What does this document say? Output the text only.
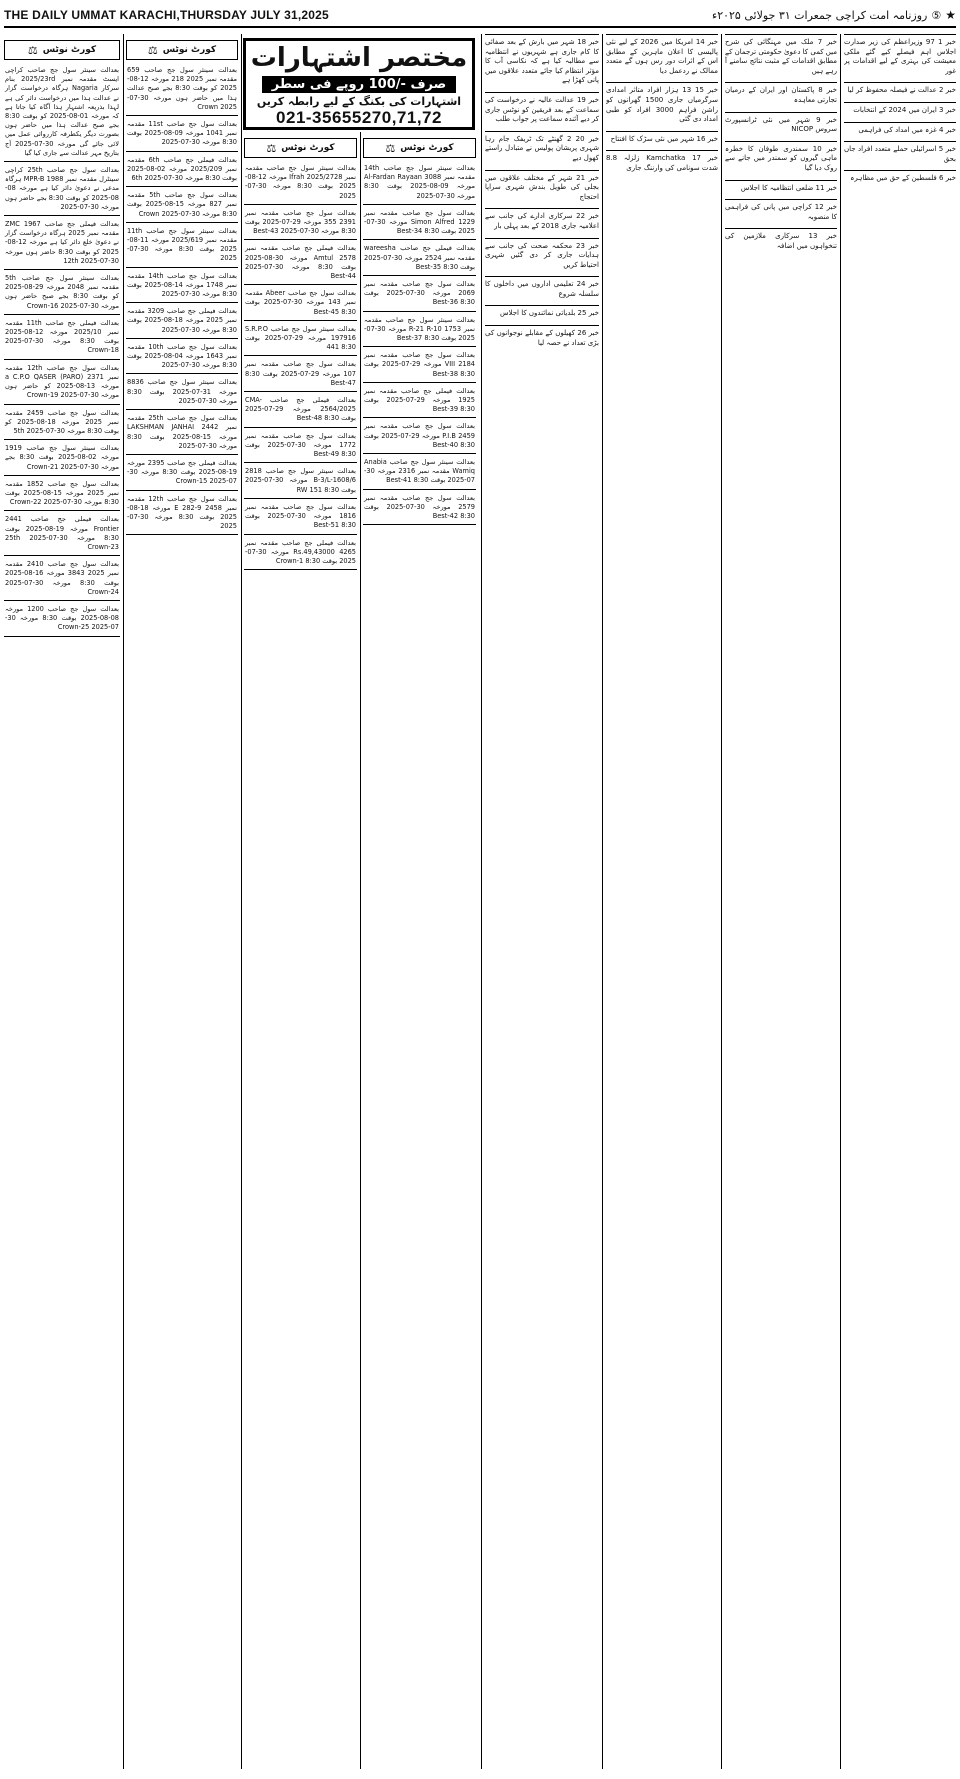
THE DAILY UMMAT KARACHI,THURSDAY JULY 31,2025	روزنامہ امت کراچی جمعرات ۳۱ جولائی ۲۰۲۵ء ⑤ ★
⚖ کورٹ نوٹس
بعدالت سینئر سول جج صاحب کراچی ایسٹ مقدمہ نمبر 2025/23rd بنام سرکار Nagaria ہرگاہ درخواست گزار نے عدالت ہذا میں درخواست دائر کی ہے لہذا بذریعہ اشتہار ہذا آگاہ کیا جاتا ہے کہ مورخہ 01-08-2025 کو بوقت 8:30 بجے صبح عدالت ہذا میں حاضر ہوں بصورت دیگر یکطرفہ کارروائی عمل میں لائی جائے گی مورخہ 30-07-2025 آج بتاریخ مہر عدالت سے جاری کیا گیا
بعدالت سول جج صاحب 25th کراچی سینٹرل مقدمہ نمبر 1988 MPR-B ہرگاہ مدعی نے دعویٰ دائر کیا ہے مورخہ 08-08-2025 کو بوقت 8:30 بجے حاضر ہوں مورخہ 30-07-2025
بعدالت فیملی جج صاحب 1967 ZMC مقدمہ نمبر 2025 ہرگاہ درخواست گزار نے دعویٰ خلع دائر کیا ہے مورخہ 12-08-2025 کو بوقت 8:30 حاضر ہوں مورخہ 30-07-2025 12th
بعدالت سینئر سول جج صاحب 5th مقدمہ نمبر 2048 مورخہ 29-08-2025 کو بوقت 8:30 بجے صبح حاضر ہوں مورخہ 30-07-2025 Crown-16
بعدالت فیملی جج صاحب 11th مقدمہ نمبر 2025/10 مورخہ 12-08-2025 بوقت 8:30 مورخہ 30-07-2025 Crown-18
بعدالت سول جج صاحب 12th مقدمہ نمبر 2371 a C.P.O QASER (PARO) مورخہ 13-08-2025 کو حاضر ہوں مورخہ 30-07-2025 Crown-19
بعدالت سول جج صاحب 2459 مقدمہ نمبر 2025 مورخہ 18-08-2025 کو بوقت 8:30 مورخہ 30-07-2025 5th
بعدالت سینئر سول جج صاحب 1919 مورخہ 02-08-2025 بوقت 8:30 بجے مورخہ 30-07-2025 Crown-21
بعدالت سول جج صاحب 1852 مقدمہ نمبر 2025 مورخہ 15-08-2025 بوقت 8:30 مورخہ 30-07-2025 Crown-22
بعدالت فیملی جج صاحب 2441 Frontier مورخہ 19-08-2025 بوقت 8:30 مورخہ 30-07-2025 25th Crown-23
بعدالت سول جج صاحب 2410 مقدمہ نمبر 2025 3843 مورخہ 16-08-2025 بوقت 8:30 مورخہ 30-07-2025 Crown-24
بعدالت سول جج صاحب 1200 مورخہ 08-08-2025 بوقت 8:30 مورخہ 30-07-2025 Crown-25
⚖ کورٹ نوٹس
بعدالت سینئر سول جج صاحب 659 مقدمہ نمبر 2025 218 مورخہ 12-08-2025 کو بوقت 8:30 بجے صبح عدالت ہذا میں حاضر ہوں مورخہ 30-07-2025 Crown
بعدالت سول جج صاحب 11st مقدمہ نمبر 1041 مورخہ 09-08-2025 بوقت 8:30 مورخہ 30-07-2025
بعدالت فیملی جج صاحب 6th مقدمہ نمبر 2025/209 مورخہ 02-08-2025 بوقت 8:30 مورخہ 30-07-2025 6th
بعدالت سول جج صاحب 5th مقدمہ نمبر 827 مورخہ 15-08-2025 بوقت 8:30 مورخہ 30-07-2025 Crown
بعدالت سینئر سول جج صاحب 11th مقدمہ نمبر 2025/619 مورخہ 11-08-2025 بوقت 8:30 مورخہ 30-07-2025
بعدالت سول جج صاحب 14th مقدمہ نمبر 1748 مورخہ 14-08-2025 بوقت 8:30 مورخہ 30-07-2025
بعدالت فیملی جج صاحب 3209 مقدمہ نمبر 2025 مورخہ 18-08-2025 بوقت 8:30 مورخہ 30-07-2025
بعدالت سول جج صاحب 10th مقدمہ نمبر 1643 مورخہ 04-08-2025 بوقت 8:30 مورخہ 30-07-2025
بعدالت سینئر سول جج صاحب 8836 مورخہ 31-07-2025 بوقت 8:30 مورخہ 30-07-2025
بعدالت سول جج صاحب 25th مقدمہ نمبر 2442 LAKSHMAN JANHAI مورخہ 15-08-2025 بوقت 8:30 مورخہ 30-07-2025
بعدالت فیملی جج صاحب 2395 مورخہ 19-08-2025 بوقت 8:30 مورخہ 30-07-2025 Crown-15
بعدالت سول جج صاحب 12th مقدمہ نمبر 2458 9-E 282 مورخہ 18-08-2025 بوقت 8:30 مورخہ 30-07-2025
مختصر اشتہارات
صرف -/100 روپے فی سطر
اشتہارات کی بکنگ کے لیے رابطہ کریں
021-35655270,71,72
⚖ کورٹ نوٹس
بعدالت سینئر سول جج صاحب مقدمہ نمبر 2025/2728 Ifrah مورخہ 12-08-2025 بوقت 8:30 مورخہ 30-07-2025
بعدالت سول جج صاحب مقدمہ نمبر 2391 355 مورخہ 29-07-2025 بوقت 8:30 مورخہ 30-07-2025 Best-43
بعدالت فیملی جج صاحب مقدمہ نمبر 2578 Amtul مورخہ 30-08-2025 بوقت 8:30 مورخہ 30-07-2025 Best-44
بعدالت سول جج صاحب Abeer مقدمہ نمبر 143 مورخہ 30-07-2025 بوقت 8:30 Best-45
بعدالت سینئر سول جج صاحب S.R.P.O 197916 مورخہ 29-07-2025 بوقت 8:30 441
بعدالت سول جج صاحب مقدمہ نمبر 107 مورخہ 29-07-2025 بوقت 8:30 Best-47
بعدالت فیملی جج صاحب CMA-2564/2025 مورخہ 29-07-2025 بوقت 8:30 Best-48
بعدالت سول جج صاحب مقدمہ نمبر 1772 مورخہ 30-07-2025 بوقت 8:30 Best-49
بعدالت سینئر سول جج صاحب 2818 6/B-3/L-1608 مورخہ 30-07-2025 بوقت 8:30 151 RW
بعدالت سول جج صاحب مقدمہ نمبر 1816 مورخہ 30-07-2025 بوقت 8:30 Best-51
بعدالت فیملی جج صاحب مقدمہ نمبر 4265 Rs.49,43000 مورخہ 30-07-2025 بوقت 8:30 Crown-1
⚖ کورٹ نوٹس
بعدالت سینئر سول جج صاحب 14th مقدمہ نمبر 3088 Al-Fardan Rayaan مورخہ 09-08-2025 بوقت 8:30 مورخہ 30-07-2025
بعدالت سول جج صاحب مقدمہ نمبر 1229 Simon Alfred مورخہ 30-07-2025 بوقت 8:30 Best-34
بعدالت فیملی جج صاحب wareesha مقدمہ نمبر 2524 مورخہ 30-07-2025 بوقت 8:30 Best-35
بعدالت سول جج صاحب مقدمہ نمبر 2069 مورخہ 30-07-2025 بوقت 8:30 Best-36
بعدالت سینئر سول جج صاحب مقدمہ نمبر 1753 R-21 R-10 مورخہ 30-07-2025 بوقت 8:30 Best-37
بعدالت سول جج صاحب مقدمہ نمبر 2184 VIII مورخہ 29-07-2025 بوقت 8:30 Best-38
بعدالت فیملی جج صاحب مقدمہ نمبر 1925 مورخہ 29-07-2025 بوقت 8:30 Best-39
بعدالت سول جج صاحب مقدمہ نمبر 2459 P.I.B مورخہ 29-07-2025 بوقت 8:30 Best-40
بعدالت سینئر سول جج صاحب Anabia Wamiq مقدمہ نمبر 2316 مورخہ 30-07-2025 بوقت 8:30 Best-41
بعدالت سول جج صاحب مقدمہ نمبر 2579 مورخہ 30-07-2025 بوقت 8:30 Best-42

خبر 18 شہر میں بارش کے بعد صفائی کا کام جاری ہے شہریوں نے انتظامیہ سے مطالبہ کیا ہے کہ نکاسی آب کا مؤثر انتظام کیا جائے متعدد علاقوں میں پانی کھڑا ہے

خبر 19 عدالت عالیہ نے درخواست کی سماعت کے بعد فریقین کو نوٹس جاری کر دیے آئندہ سماعت پر جواب طلب

خبر 20 2 گھنٹے تک ٹریفک جام رہا شہری پریشان پولیس نے متبادل راستے کھول دیے

خبر 21 شہر کے مختلف علاقوں میں بجلی کی طویل بندش شہری سراپا احتجاج

خبر 22 سرکاری ادارے کی جانب سے اعلامیہ جاری 2018 کے بعد پہلی بار

خبر 23 محکمہ صحت کی جانب سے ہدایات جاری کر دی گئیں شہری احتیاط کریں

خبر 24 تعلیمی اداروں میں داخلوں کا سلسلہ شروع

خبر 25 بلدیاتی نمائندوں کا اجلاس

خبر 26 کھیلوں کے مقابلے نوجوانوں کی بڑی تعداد نے حصہ لیا

خبر 14 امریکا میں 2026 کے لیے نئی پالیسی کا اعلان ماہرین کے مطابق اس کے اثرات دور رس ہوں گے متعدد ممالک نے ردعمل دیا

خبر 15 13 ہزار افراد متاثر امدادی سرگرمیاں جاری 1500 گھرانوں کو راشن فراہم 3000 افراد کو طبی امداد دی گئی

خبر 16 شہر میں نئی سڑک کا افتتاح

خبر 17 Kamchatka زلزلہ 8.8 شدت سونامی کی وارننگ جاری

خبر 7 ملک میں مہنگائی کی شرح میں کمی کا دعویٰ حکومتی ترجمان کے مطابق اقدامات کے مثبت نتائج سامنے آ رہے ہیں

خبر 8 پاکستان اور ایران کے درمیان تجارتی معاہدہ

خبر 9 شہر میں نئی ٹرانسپورٹ سروس NICOP

خبر 10 سمندری طوفان کا خطرہ ماہی گیروں کو سمندر میں جانے سے روک دیا گیا

خبر 11 ضلعی انتظامیہ کا اجلاس

خبر 12 کراچی میں پانی کی فراہمی کا منصوبہ

خبر 13 سرکاری ملازمین کی تنخواہوں میں اضافہ

خبر 1 97 وزیراعظم کی زیر صدارت اجلاس اہم فیصلے کیے گئے ملکی معیشت کی بہتری کے لیے اقدامات پر غور

خبر 2 عدالت نے فیصلہ محفوظ کر لیا

خبر 3 ایران میں 2024 کے انتخابات

خبر 4 غزہ میں امداد کی فراہمی

خبر 5 اسرائیلی حملے متعدد افراد جاں بحق

خبر 6 فلسطین کے حق میں مظاہرہ
